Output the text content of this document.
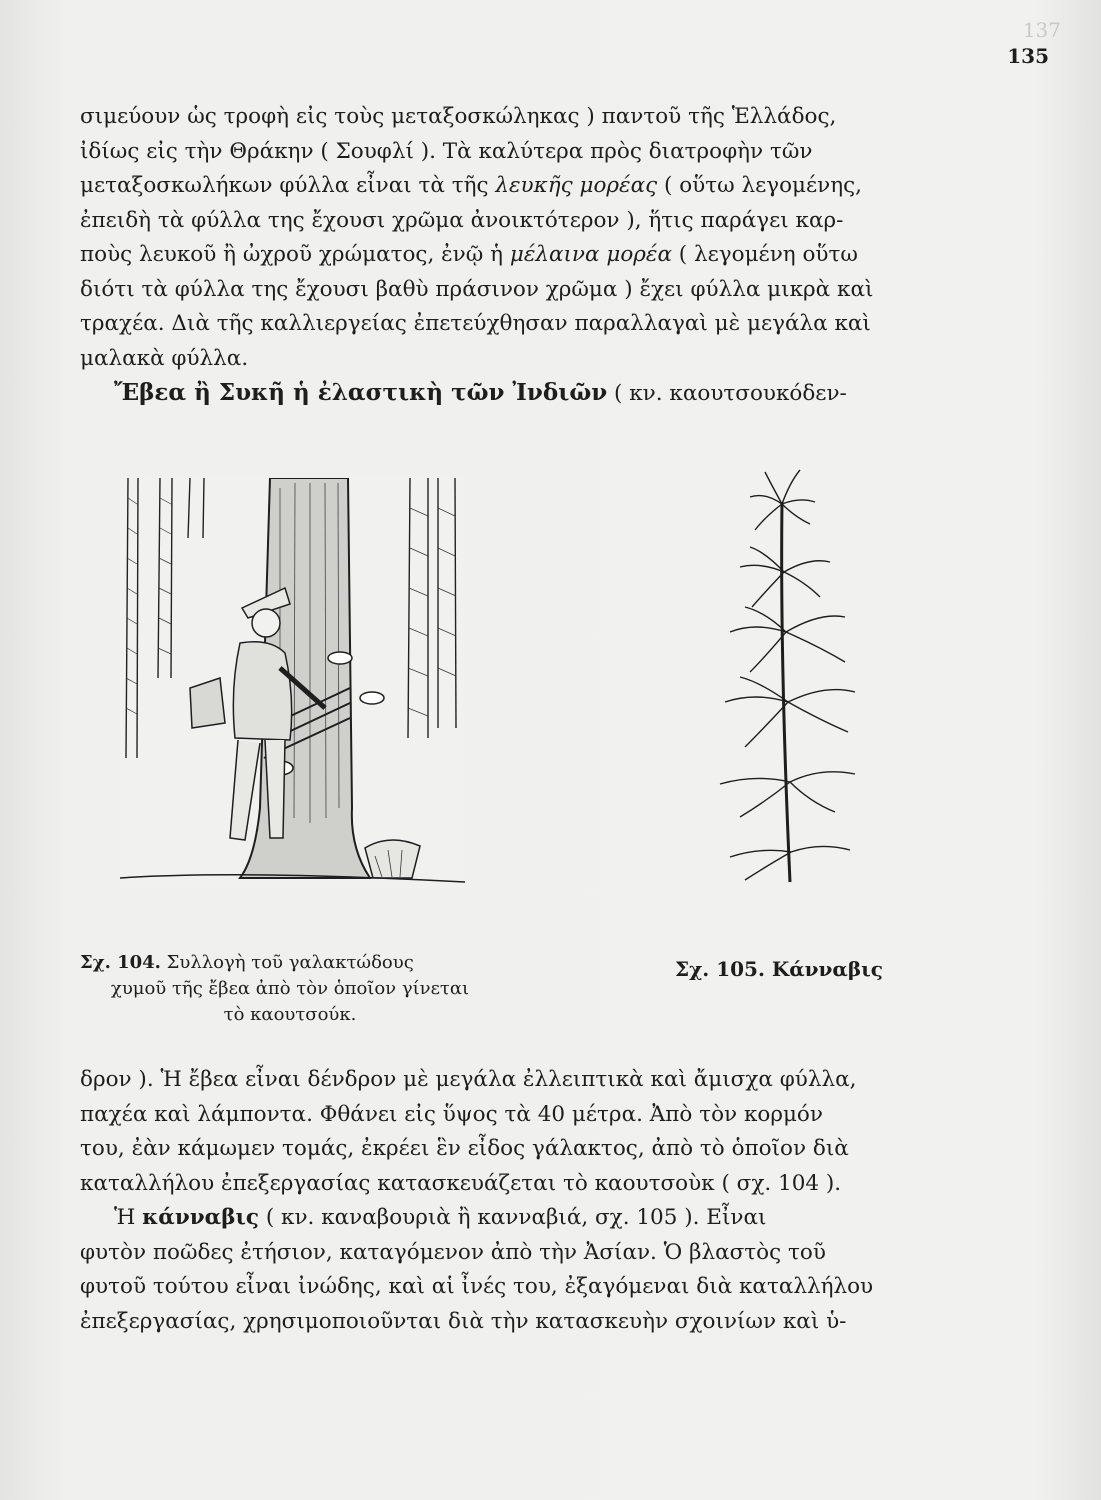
137
135
σιμεύουν ὡς τροφὴ εἰς τοὺς μεταξοσκώληκας ) παντοῦ τῆς Ἑλλάδος,
ἰδίως εἰς τὴν Θράκην ( Σουφλί ). Τὰ καλύτερα πρὸς διατροφὴν τῶν
μεταξοσκωλήκων φύλλα εἶναι τὰ τῆς λευκῆς μορέας ( οὕτω λεγομένης,
ἐπειδὴ τὰ φύλλα της ἔχουσι χρῶμα ἀνοικτότερον ), ἥτις παράγει καρ-
ποὺς λευκοῦ ἢ ὠχροῦ χρώματος, ἐνῷ ἡ μέλαινα μορέα ( λεγομένη οὕτω
διότι τὰ φύλλα της ἔχουσι βαθὺ πράσινον χρῶμα ) ἔχει φύλλα μικρὰ καὶ
τραχέα. Διὰ τῆς καλλιεργείας ἐπετεύχθησαν παραλλαγαὶ μὲ μεγάλα καὶ
μαλακὰ φύλλα.
Ἔβεα ἢ Συκῆ ἡ ἐλαστικὴ τῶν Ἰνδιῶν ( κν. καουτσουκόδεν-
Σχ. 104. Συλλογὴ τοῦ γαλακτώδους
χυμοῦ τῆς ἔβεα ἀπὸ τὸν ὁποῖον γίνεται
τὸ καουτσούκ.
Σχ. 105. Κάνναβις
δρον ). Ἡ ἔβεα εἶναι δένδρον μὲ μεγάλα ἐλλειπτικὰ καὶ ἄμισχα φύλλα,
παχέα καὶ λάμποντα. Φθάνει εἰς ὕψος τὰ 40 μέτρα. Ἀπὸ τὸν κορμόν
του, ἐὰν κάμωμεν τομάς, ἐκρέει ἓν εἶδος γάλακτος, ἀπὸ τὸ ὁποῖον διὰ
καταλλήλου ἐπεξεργασίας κατασκευάζεται τὸ καουτσοὺκ ( σχ. 104 ).
Ἡ κάνναβις ( κν. καναβουριὰ ἢ κανναβιά, σχ. 105 ). Εἶναι
φυτὸν ποῶδες ἐτήσιον, καταγόμενον ἀπὸ τὴν Ἀσίαν. Ὁ βλαστὸς τοῦ
φυτοῦ τούτου εἶναι ἰνώδης, καὶ αἱ ἶνές του, ἐξαγόμεναι διὰ καταλλήλου
ἐπεξεργασίας, χρησιμοποιοῦνται διὰ τὴν κατασκευὴν σχοινίων καὶ ὑ-
